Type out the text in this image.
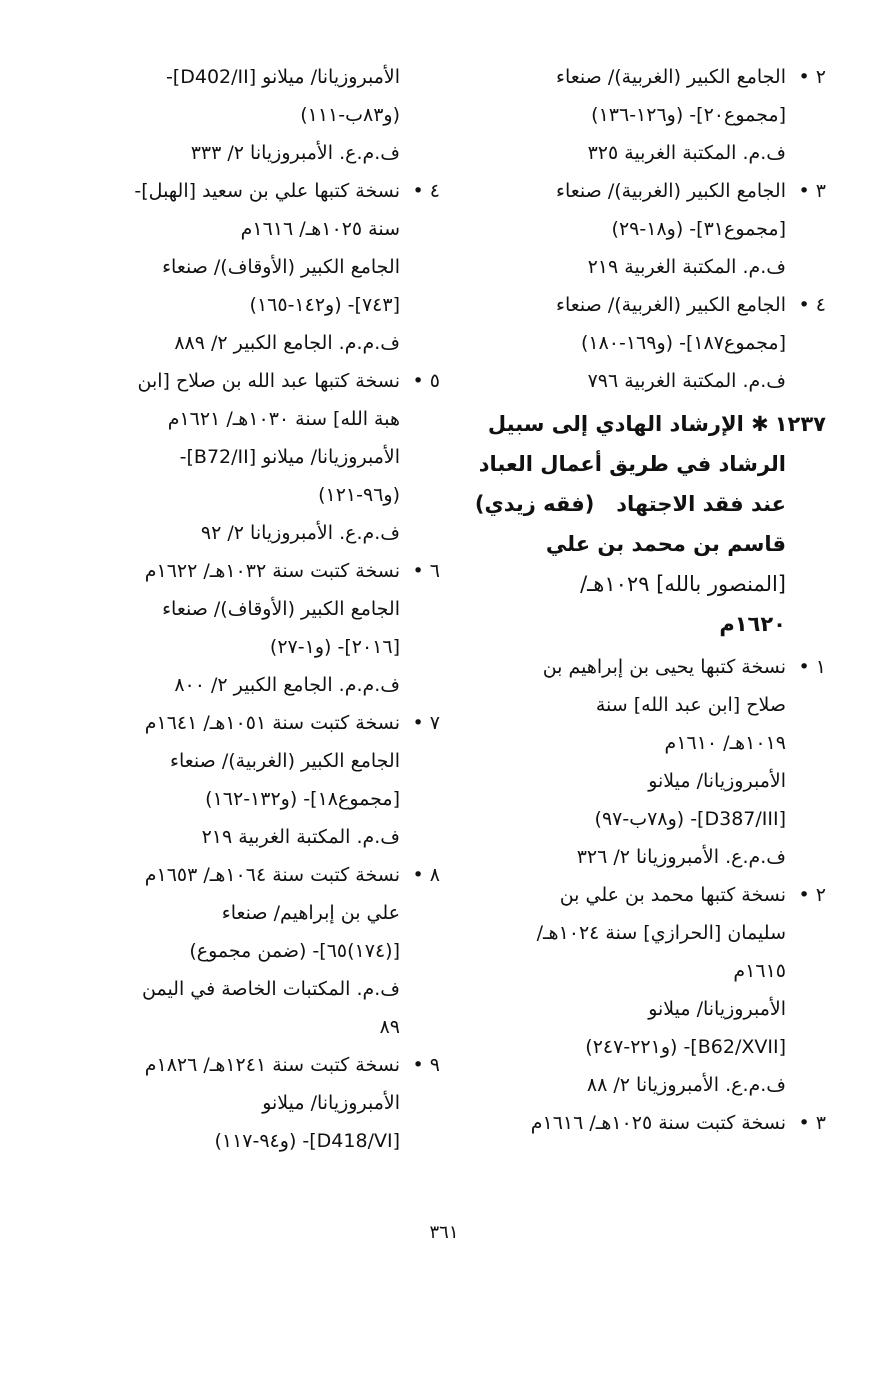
٢ •
الجامع الكبير (الغربية)/ صنعاء
[مجموع٢٠]- (و١٢٦-١٣٦)
ف.م. المكتبة الغربية ٣٢٥
٣ •
الجامع الكبير (الغربية)/ صنعاء
[مجموع٣١]- (و١٨-٢٩)
ف.م. المكتبة الغربية ٢١٩
٤ •
الجامع الكبير (الغربية)/ صنعاء
[مجموع١٨٧]- (و١٦٩-١٨٠)
ف.م. المكتبة الغربية ٧٩٦
١٢٣٧✱ الإرشاد الهادي إلى سبيل
الرشاد في طريق أعمال العباد
عند فقد الاجتهاد   (فقه زيدي)
قاسم بن محمد بن علي
[المنصور بالله] ١٠٢٩هـ/
١٦٢٠م
١ •
نسخة كتبها يحيى بن إبراهيم بن
صلاح [ابن عبد الله] سنة
١٠١٩هـ/ ١٦١٠م
الأمبروزيانا/ ميلانو
[D387/III]- (و٧٨ب-٩٧)
ف.م.ع. الأمبروزيانا ٢/ ٣٢٦
٢ •
نسخة كتبها محمد بن علي بن
سليمان [الحرازي] سنة ١٠٢٤هـ/
١٦١٥م
الأمبروزيانا/ ميلانو
[B62/XVII]- (و٢٢١-٢٤٧)
ف.م.ع. الأمبروزيانا ٢/ ٨٨
٣ •
نسخة كتبت سنة ١٠٢٥هـ/ ١٦١٦م
الأمبروزيانا/ ميلانو [D402/II]-
(و٨٣ب-١١١)
ف.م.ع. الأمبروزيانا ٢/ ٣٣٣
٤ •
نسخة كتبها علي بن سعيد [الهبل]-
سنة ١٠٢٥هـ/ ١٦١٦م
الجامع الكبير (الأوقاف)/ صنعاء
[٧٤٣]- (و١٤٢-١٦٥)
ف.م.م. الجامع الكبير ٢/ ٨٨٩
٥ •
نسخة كتبها عبد الله بن صلاح [ابن
هبة الله] سنة ١٠٣٠هـ/ ١٦٢١م
الأمبروزيانا/ ميلانو [B72/II]-
(و٩٦-١٢١)
ف.م.ع. الأمبروزيانا ٢/ ٩٢
٦ •
نسخة كتبت سنة ١٠٣٢هـ/ ١٦٢٢م
الجامع الكبير (الأوقاف)/ صنعاء
[٢٠١٦]- (و١-٢٧)
ف.م.م. الجامع الكبير ٢/ ٨٠٠
٧ •
نسخة كتبت سنة ١٠٥١هـ/ ١٦٤١م
الجامع الكبير (الغربية)/ صنعاء
[مجموع١٨]- (و١٣٢-١٦٢)
ف.م. المكتبة الغربية ٢١٩
٨ •
نسخة كتبت سنة ١٠٦٤هـ/ ١٦٥٣م
علي بن إبراهيم/ صنعاء
[(١٧٤)٦٥]- (ضمن مجموع)
ف.م. المكتبات الخاصة في اليمن
٨٩
٩ •
نسخة كتبت سنة ١٢٤١هـ/ ١٨٢٦م
الأمبروزيانا/ ميلانو
[D418/VI]- (و٩٤-١١٧)
٣٦١
